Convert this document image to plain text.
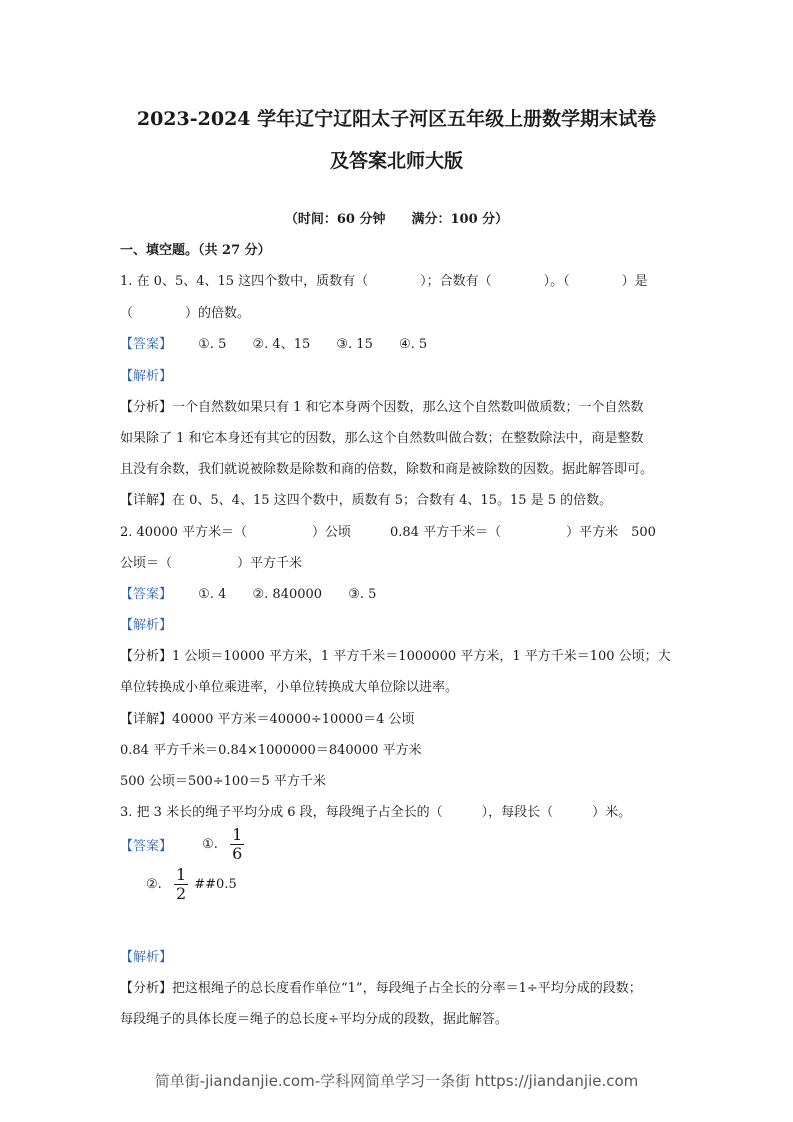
2023-2024 学年辽宁辽阳太子河区五年级上册数学期末试卷
及答案北师大版
（时间：60 分钟　　满分：100 分）
一、填空题。（共 27 分）
1. 在 0、5、4、15 这四个数中，质数有（　　　　）；合数有（　　　　）。（　　　　）是
（　　　　）的倍数。
【答案】 ①. 5 ②. 4、15 ③. 15 ④. 5
【解析】
【分析】一个自然数如果只有 1 和它本身两个因数，那么这个自然数叫做质数；一个自然数
如果除了 1 和它本身还有其它的因数，那么这个自然数叫做合数；在整数除法中，商是整数
且没有余数，我们就说被除数是除数和商的倍数，除数和商是被除数的因数。据此解答即可。
【详解】在 0、5、4、15 这四个数中，质数有 5；合数有 4、15。15 是 5 的倍数。
2. 40000 平方米＝（　　　　　）公顷　　　0.84 平方千米＝（　　　　　）平方米　500
公顷＝（　　　　　）平方千米
【答案】 ①. 4 ②. 840000 ③. 5
【解析】
【分析】1 公顷＝10000 平方米，1 平方千米＝1000000 平方米，1 平方千米＝100 公顷；大
单位转换成小单位乘进率，小单位转换成大单位除以进率。
【详解】40000 平方米＝40000÷10000＝4 公顷
0.84 平方千米＝0.84×1000000＝840000 平方米
500 公顷＝500÷100＝5 平方千米
3. 把 3 米长的绳子平均分成 6 段，每段绳子占全长的（　　　），每段长（　　　）米。
【答案】 ①. $\frac{1}{6}$
②. $\frac{1}{2}$ ##0.5
【解析】
【分析】把这根绳子的总长度看作单位“1”，每段绳子占全长的分率＝1÷平均分成的段数；
每段绳子的具体长度＝绳子的总长度÷平均分成的段数，据此解答。
简单街-jiandanjie.com-学科网简单学习一条街 https://jiandanjie.com
